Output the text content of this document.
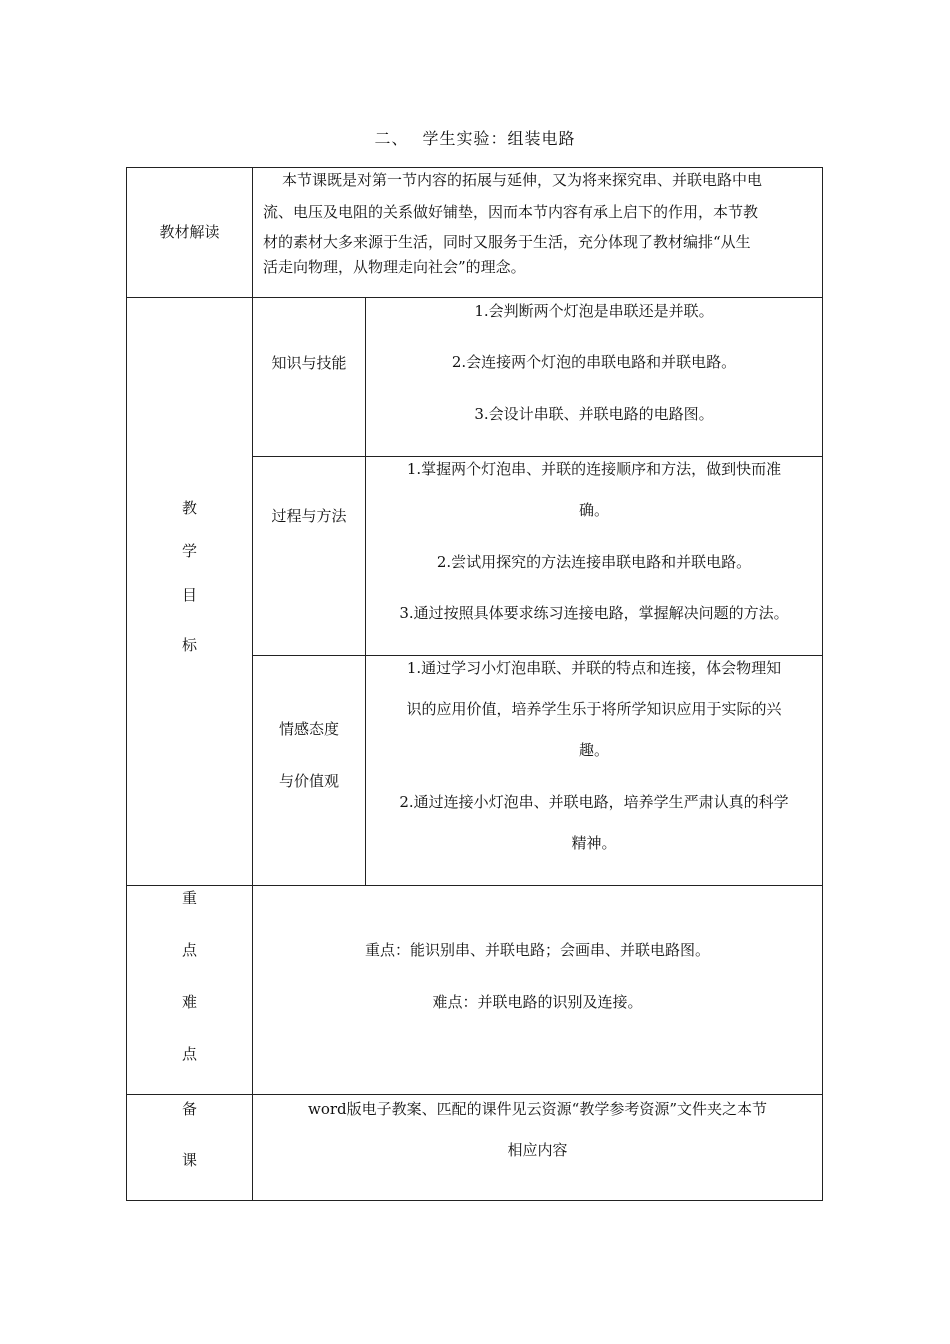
二、 学生实验：组装电路
教材解读
本节课既是对第一节内容的拓展与延伸，又为将来探究串、并联电路中电
流、电压及电阻的关系做好铺垫，因而本节内容有承上启下的作用，本节教
材的素材大多来源于生活，同时又服务于生活，充分体现了教材编排“从生
活走向物理，从物理走向社会”的理念。
教
学
目
标
知识与技能
1.会判断两个灯泡是串联还是并联。
2.会连接两个灯泡的串联电路和并联电路。
3.会设计串联、并联电路的电路图。
过程与方法
1.掌握两个灯泡串、并联的连接顺序和方法，做到快而准
确。
2.尝试用探究的方法连接串联电路和并联电路。
3.通过按照具体要求练习连接电路，掌握解决问题的方法。
情感态度
与价值观
1.通过学习小灯泡串联、并联的特点和连接，体会物理知
识的应用价值，培养学生乐于将所学知识应用于实际的兴
趣。
2.通过连接小灯泡串、并联电路，培养学生严肃认真的科学
精神。
重
点
难
点
重点：能识别串、并联电路；会画串、并联电路图。
难点：并联电路的识别及连接。
备
课
word版电子教案、匹配的课件见云资源“教学参考资源”文件夹之本节
相应内容
